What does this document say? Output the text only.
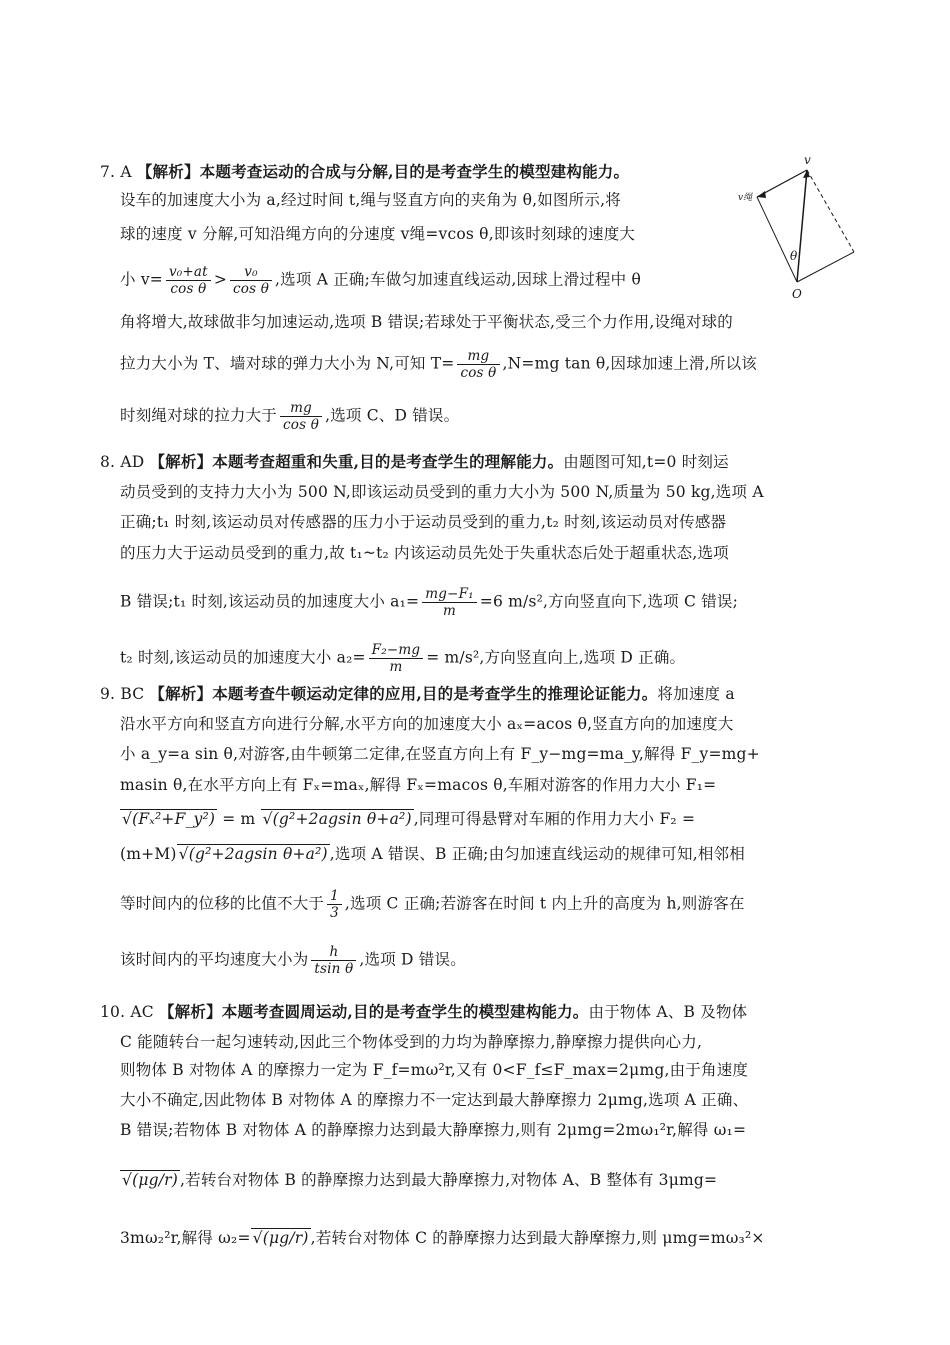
7. A 【解析】本题考查运动的合成与分解,目的是考查学生的模型建构能力。
设车的加速度大小为 a,经过时间 t,绳与竖直方向的夹角为 θ,如图所示,将
球的速度 v 分解,可知沿绳方向的分速度 v绳=vcos θ,即该时刻球的速度大
小 $v= \frac{\text{v₀+at}}{\text{cos θ}} > \frac{\text{v₀}}{\text{cos θ}}$ ,选项 A 正确;车做匀加速直线运动,因球上滑过程中 θ
角将增大,故球做非匀加速运动,选项 B 错误;若球处于平衡状态,受三个力作用,设绳对球的
拉力大小为 T、墙对球的弹力大小为 N,可知 $T= \frac{mg}{\text{cos θ}} ,N=mg$ tan θ,因球加速上滑,所以该
时刻绳对球的拉力大于 $\frac{mg}{\text{cos θ}}$ ,选项 C、D 错误。
v
v绳
θ
O
8. AD 【解析】本题考查超重和失重,目的是考查学生的理解能力。由题图可知,t=0 时刻运
动员受到的支持力大小为 500 N,即该运动员受到的重力大小为 500 N,质量为 50 kg,选项 A
正确;t₁ 时刻,该运动员对传感器的压力小于运动员受到的重力,t₂ 时刻,该运动员对传感器
的压力大于运动员受到的重力,故 t₁~t₂ 内该运动员先处于失重状态后处于超重状态,选项
B 错误;t₁ 时刻,该运动员的加速度大小 $a_1= \frac{\text{mg−F₁}}{m} =6$ m/s²,方向竖直向下,选项 C 错误;
t₂ 时刻,该运动员的加速度大小 $a_2= \frac{\text{F₂−mg}}{m} = m/s^2$,方向竖直向上,选项 D 正确。
9. BC 【解析】本题考查牛顿运动定律的应用,目的是考查学生的推理论证能力。将加速度 a
沿水平方向和竖直方向进行分解,水平方向的加速度大小 aₓ=acos θ,竖直方向的加速度大
小 a_y=a sin θ,对游客,由牛顿第二定律,在竖直方向上有 F_y−mg=ma_y,解得 F_y=mg+
masin θ,在水平方向上有 Fₓ=maₓ,解得 Fₓ=macos θ,车厢对游客的作用力大小 F₁=
√(Fₓ²+F_y²) = m √(g²+2agsin θ+a²) ,同理可得悬臂对车厢的作用力大小 F₂ =
(m+M) √(g²+2agsin θ+a²) ,选项 A 错误、B 正确;由匀加速直线运动的规律可知,相邻相
等时间内的位移的比值不大于 $\frac{1}{3}$ ,选项 C 正确;若游客在时间 t 内上升的高度为 h,则游客在
该时间内的平均速度大小为 $\frac{h}{\text{tsin θ}}$ ,选项 D 错误。
10. AC 【解析】本题考查圆周运动,目的是考查学生的模型建构能力。由于物体 A、B 及物体
C 能随转台一起匀速转动,因此三个物体受到的力均为静摩擦力,静摩擦力提供向心力,
则物体 B 对物体 A 的摩擦力一定为 F_f=mω²r,又有 0<F_f≤F_max=2μmg,由于角速度
大小不确定,因此物体 B 对物体 A 的摩擦力不一定达到最大静摩擦力 2μmg,选项 A 正确、
B 错误;若物体 B 对物体 A 的静摩擦力达到最大静摩擦力,则有 2μmg=2mω₁²r,解得 ω₁=
√(μg/r) ,若转台对物体 B 的静摩擦力达到最大静摩擦力,对物体 A、B 整体有 3μmg=
3mω₂²r,解得 ω₂= √(μg/r) ,若转台对物体 C 的静摩擦力达到最大静摩擦力,则 μmg=mω₃²×
